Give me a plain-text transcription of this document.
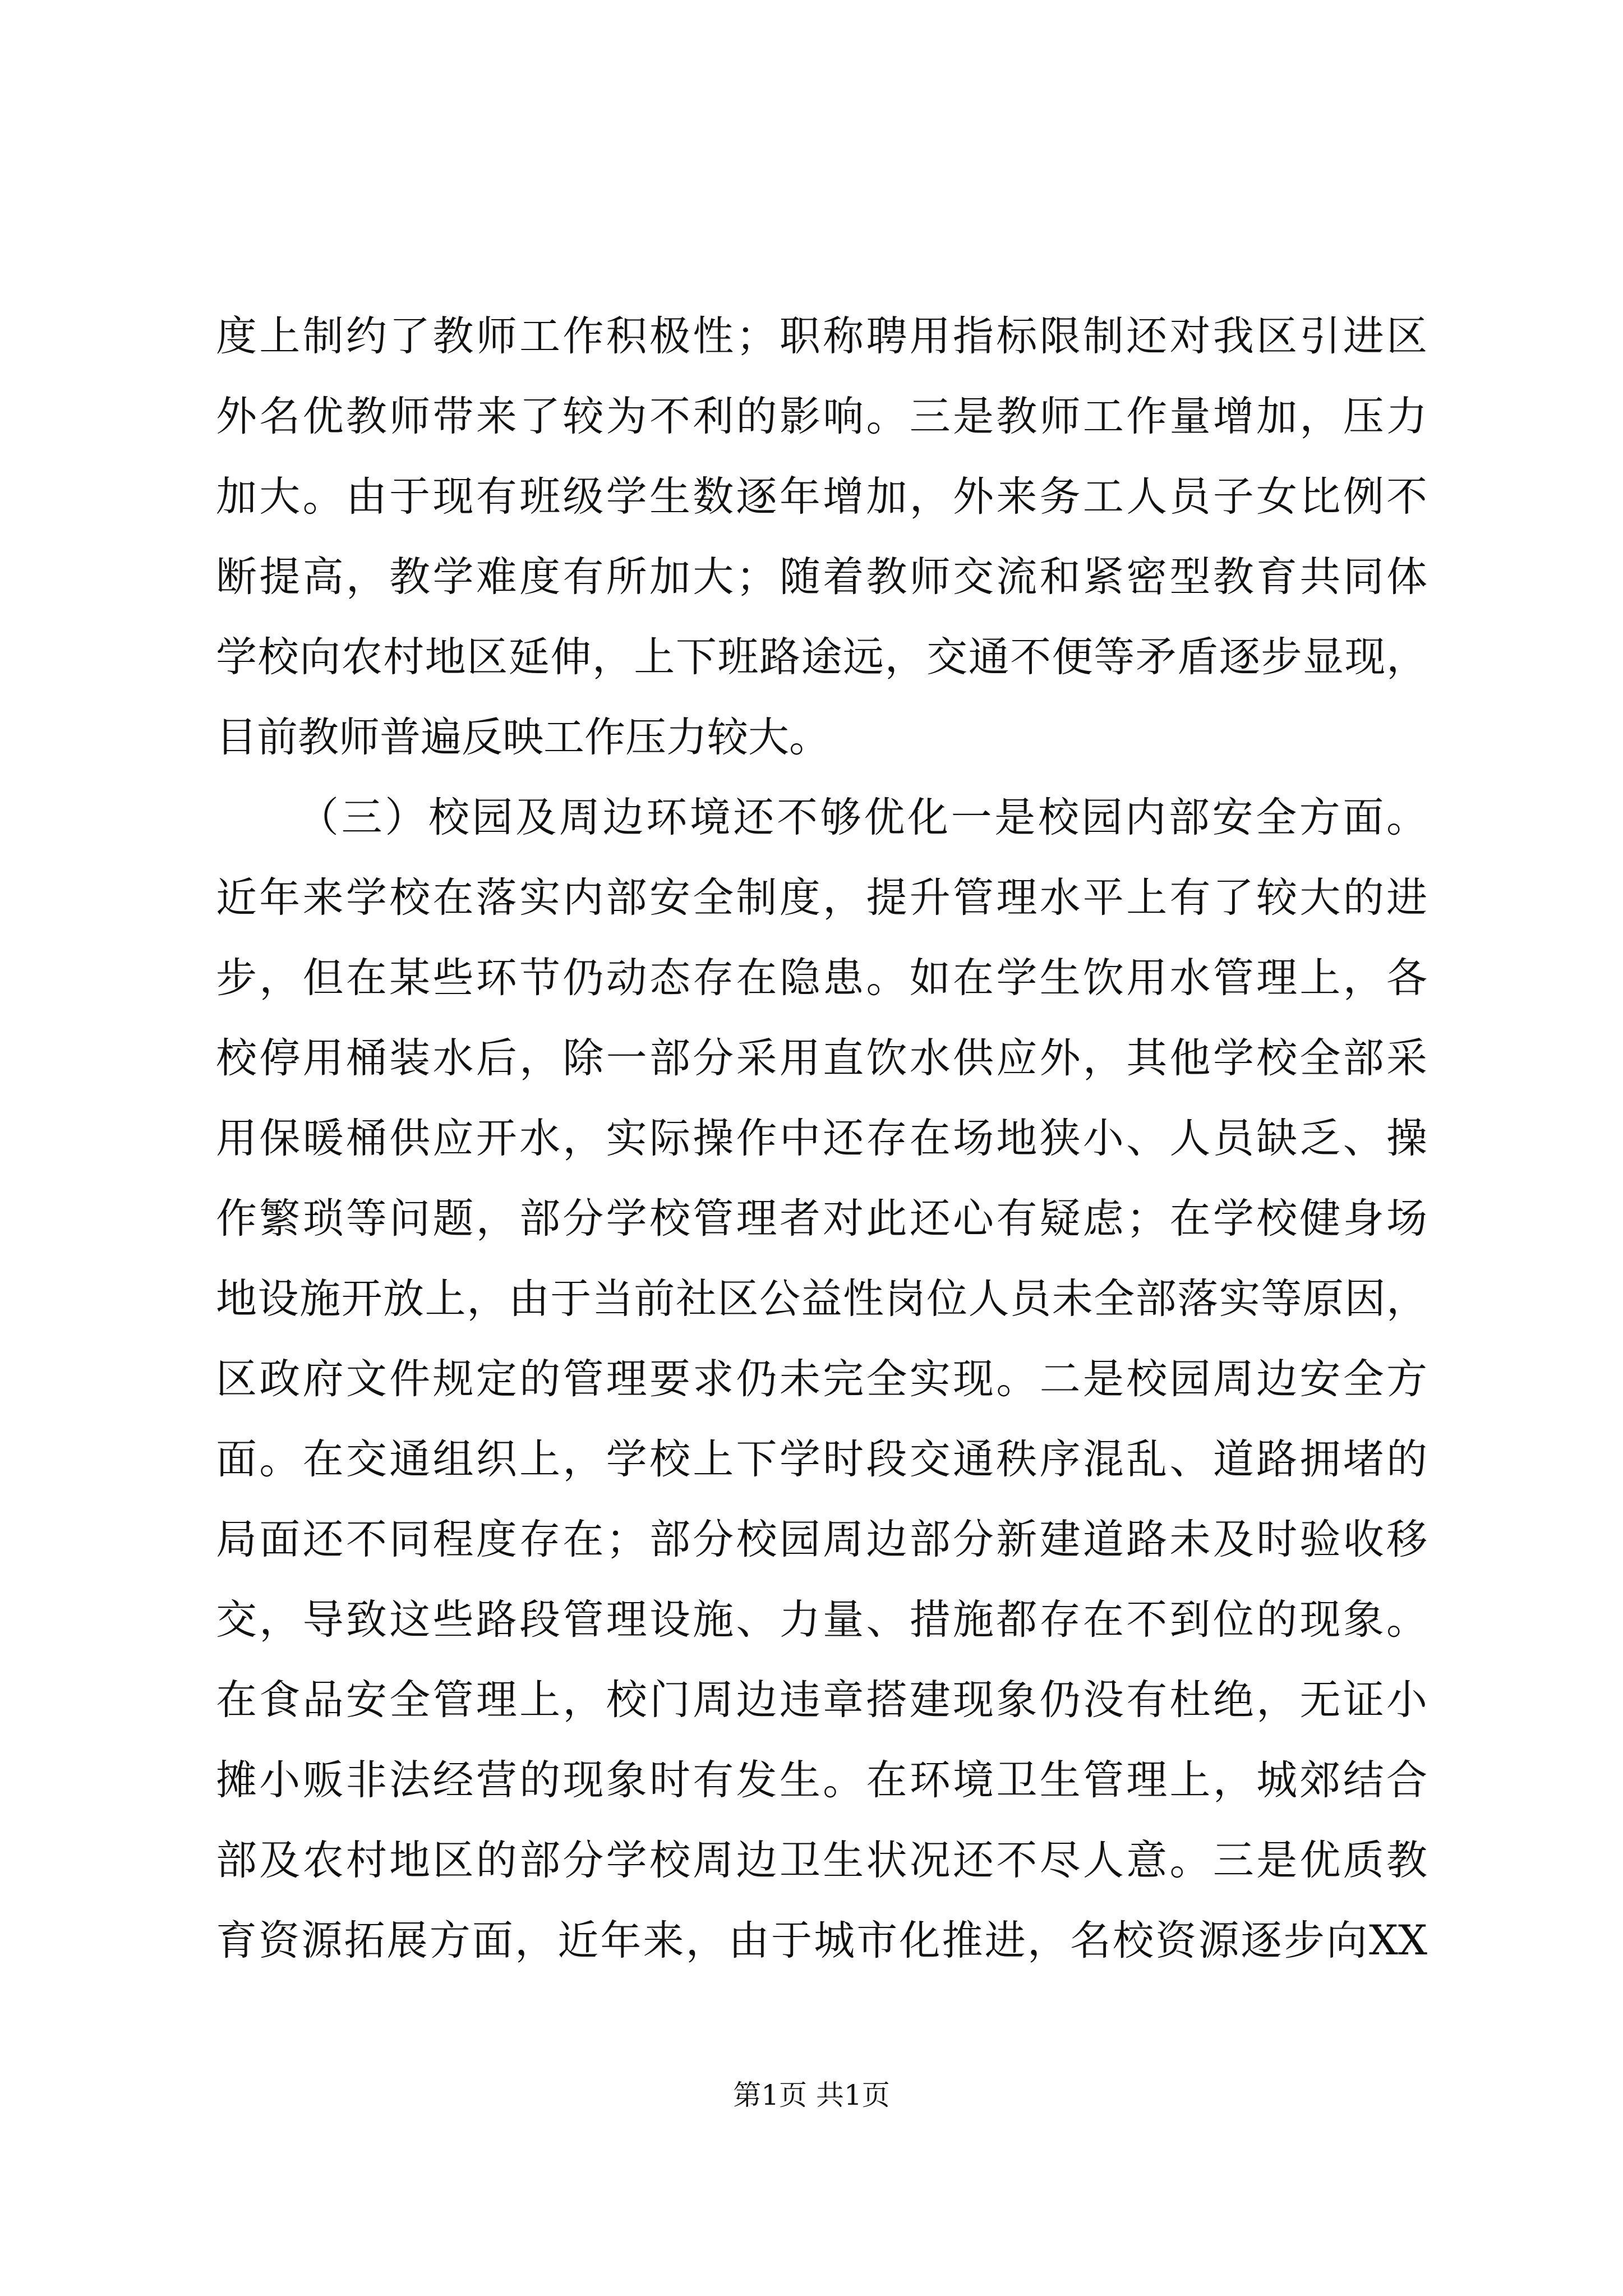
度上制约了教师工作积极性；职称聘用指标限制还对我区引进区
外名优教师带来了较为不利的影响。三是教师工作量增加，压力
加大。由于现有班级学生数逐年增加，外来务工人员子女比例不
断提高，教学难度有所加大；随着教师交流和紧密型教育共同体
学校向农村地区延伸，上下班路途远，交通不便等矛盾逐步显现，
目前教师普遍反映工作压力较大。
（三）校园及周边环境还不够优化一是校园内部安全方面。
近年来学校在落实内部安全制度，提升管理水平上有了较大的进
步，但在某些环节仍动态存在隐患。如在学生饮用水管理上，各
校停用桶装水后，除一部分采用直饮水供应外，其他学校全部采
用保暖桶供应开水，实际操作中还存在场地狭小、人员缺乏、操
作繁琐等问题，部分学校管理者对此还心有疑虑；在学校健身场
地设施开放上，由于当前社区公益性岗位人员未全部落实等原因，
区政府文件规定的管理要求仍未完全实现。二是校园周边安全方
面。在交通组织上，学校上下学时段交通秩序混乱、道路拥堵的
局面还不同程度存在；部分校园周边部分新建道路未及时验收移
交，导致这些路段管理设施、力量、措施都存在不到位的现象。
在食品安全管理上，校门周边违章搭建现象仍没有杜绝，无证小
摊小贩非法经营的现象时有发生。在环境卫生管理上，城郊结合
部及农村地区的部分学校周边卫生状况还不尽人意。三是优质教
育资源拓展方面，近年来，由于城市化推进，名校资源逐步向XX
第1页 共1页
